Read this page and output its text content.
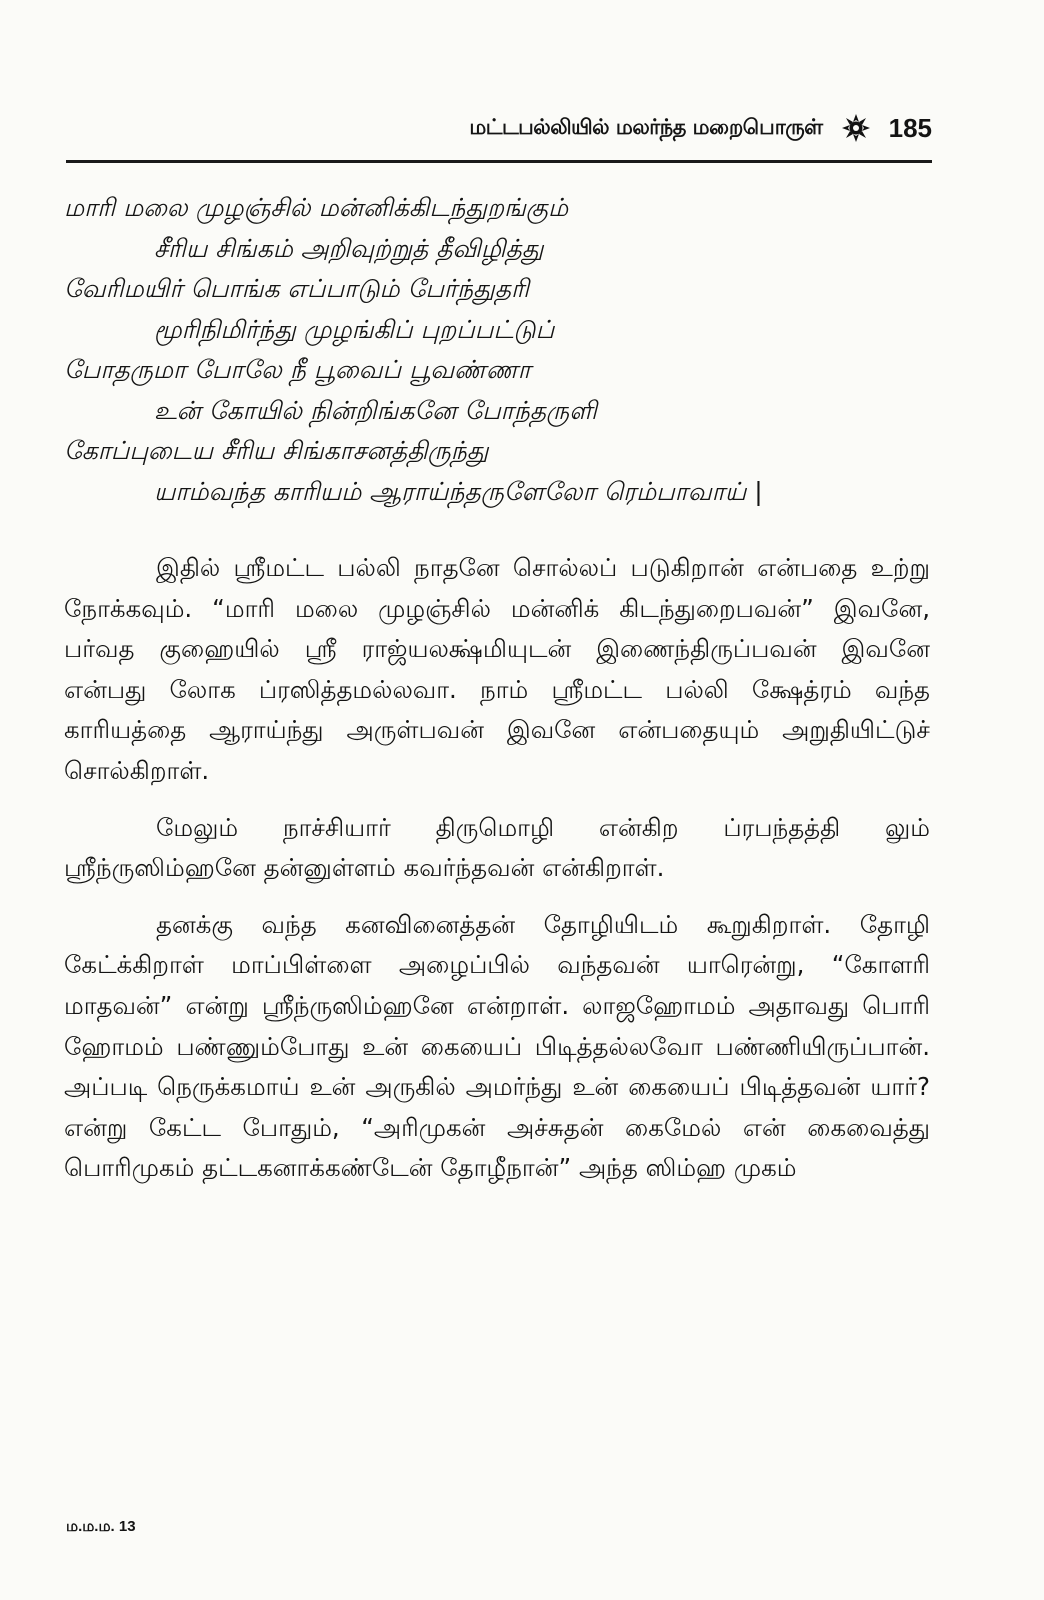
மட்டபல்லியில் மலர்ந்த மறைபொருள்	185
மாரி மலை முழஞ்சில் மன்னிக்கிடந்துறங்கும்
சீரிய சிங்கம் அறிவுற்றுத் தீவிழித்து
வேரிமயிர் பொங்க எப்பாடும் பேர்ந்துதரி
மூரிநிமிர்ந்து முழங்கிப் புறப்பட்டுப்
போதருமா போலே நீ பூவைப் பூவண்ணா
உன் கோயில் நின்றிங்கனே போந்தருளி
கோப்புடைய சீரிய சிங்காசனத்திருந்து
யாம்வந்த காரியம் ஆராய்ந்தருளேலோ ரெம்பாவாய் |

இதில் ஸ்ரீமட்ட பல்லி நாதனே சொல்லப் படுகிறான் என்பதை உற்று நோக்கவும். “மாரி மலை முழஞ்சில் மன்னிக் கிடந்துறைபவன்” இவனே, பர்வத குஹையில் ஸ்ரீ ராஜ்யலக்ஷ்மியுடன் இணைந்திருப்பவன் இவனே என்பது லோக ப்ரஸித்தமல்லவா. நாம் ஸ்ரீமட்ட பல்லி க்ஷேத்ரம் வந்த காரியத்தை ஆராய்ந்து அருள்பவன் இவனே என்பதையும் அறுதியிட்டுச் சொல்கிறாள்.

மேலும் நாச்சியார் திருமொழி என்கிற ப்ரபந்தத்தி லும் ஸ்ரீந்ருஸிம்ஹனே தன்னுள்ளம் கவர்ந்தவன் என்கிறாள்.

தனக்கு வந்த கனவினைத்தன் தோழியிடம் கூறுகிறாள். தோழி கேட்க்கிறாள் மாப்பிள்ளை அழைப்பில் வந்தவன் யாரென்று, “கோளரி மாதவன்” என்று ஸ்ரீந்ருஸிம்ஹனே என்றாள். லாஜஹோமம் அதாவது பொரி ஹோமம் பண்ணும்போது உன் கையைப் பிடித்தல்லவோ பண்ணியிருப்பான். அப்படி நெருக்கமாய் உன் அருகில் அமர்ந்து உன் கையைப் பிடித்தவன் யார்? என்று கேட்ட போதும், “அரிமுகன் அச்சுதன் கைமேல் என் கைவைத்து பொரிமுகம் தட்டகனாக்கண்டேன் தோழீநான்” அந்த ஸிம்ஹ முகம்

ம.ம.ம. 13
